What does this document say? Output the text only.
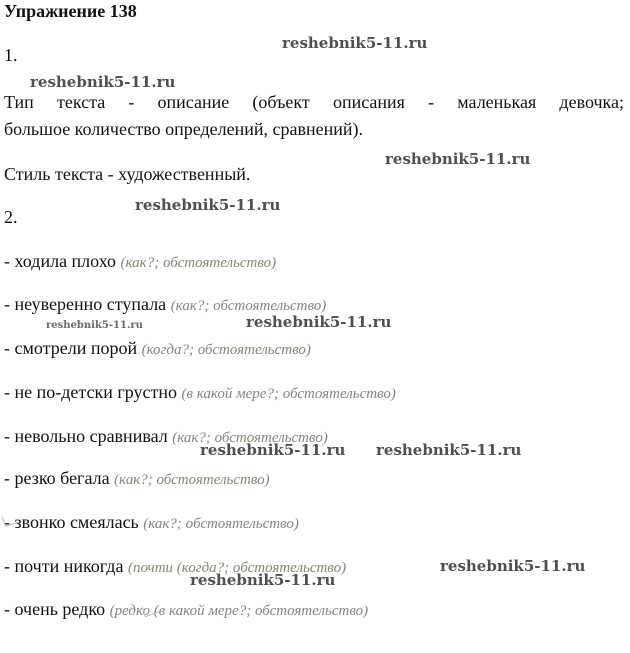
Упражнение 138
1.
Тип текста - описание (объект описания - маленькая девочка;
большое количество определений, сравнений).
Стиль текста - художественный.
2.
- ходила плохо (как?; обстоятельство)
- неуверенно ступала (как?; обстоятельство)
- смотрели порой (когда?; обстоятельство)
- не по-детски грустно (в какой мере?; обстоятельство)
- невольно сравнивал (как?; обстоятельство)
- резко бегала (как?; обстоятельство)
- звонко смеялась (как?; обстоятельство)
- почти никогда (почти (когда?; обстоятельство)
- очень редко (редко (в какой мере?; обстоятельство)
reshebnik5-11.ru
reshebnik5-11.ru
reshebnik5-11.ru
reshebnik5-11.ru
reshebnik5-11.ru	reshebnik5-11.ru
reshebnik5-11.ru reshebnik5-11.ru
reshebnik5-11.ru
reshebnik5-11.ru
